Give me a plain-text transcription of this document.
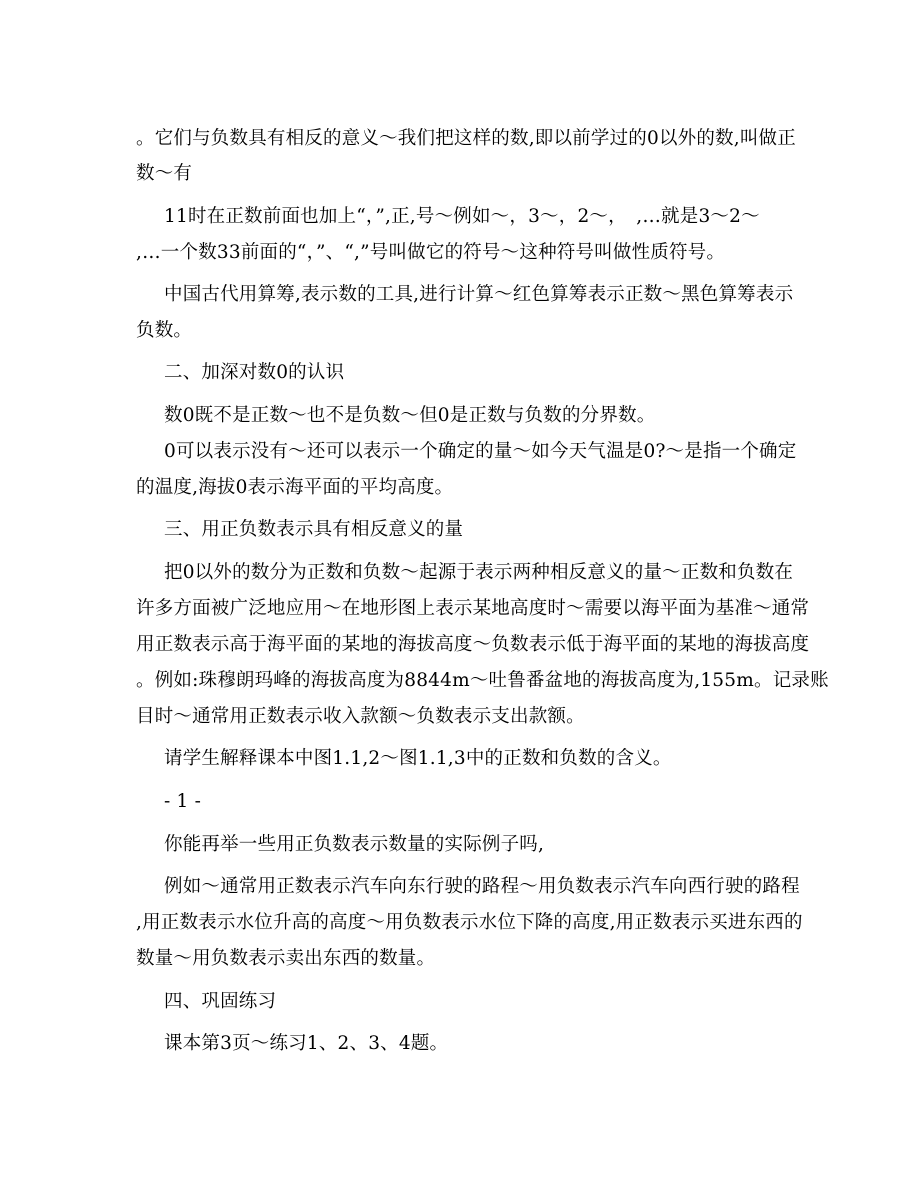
。它们与负数具有相反的意义～我们把这样的数,即以前学过的0以外的数,叫做正
数～有
11时在正数前面也加上“，”,正,号～例如～，3～，2～，　,…就是3～2～
,…一个数33前面的“，”、“,”号叫做它的符号～这种符号叫做性质符号。
中国古代用算筹,表示数的工具,进行计算～红色算筹表示正数～黑色算筹表示
负数。
二、加深对数0的认识
数0既不是正数～也不是负数～但0是正数与负数的分界数。
0可以表示没有～还可以表示一个确定的量～如今天气温是0?～是指一个确定
的温度,海拔0表示海平面的平均高度。
三、用正负数表示具有相反意义的量
把0以外的数分为正数和负数～起源于表示两种相反意义的量～正数和负数在
许多方面被广泛地应用～在地形图上表示某地高度时～需要以海平面为基准～通常
用正数表示高于海平面的某地的海拔高度～负数表示低于海平面的某地的海拔高度
。例如:珠穆朗玛峰的海拔高度为8844m～吐鲁番盆地的海拔高度为,155m。记录账
目时～通常用正数表示收入款额～负数表示支出款额。
请学生解释课本中图1.1,2～图1.1,3中的正数和负数的含义。
- 1 -
你能再举一些用正负数表示数量的实际例子吗,
例如～通常用正数表示汽车向东行驶的路程～用负数表示汽车向西行驶的路程
,用正数表示水位升高的高度～用负数表示水位下降的高度,用正数表示买进东西的
数量～用负数表示卖出东西的数量。
四、巩固练习
课本第3页～练习1、2、3、4题。
